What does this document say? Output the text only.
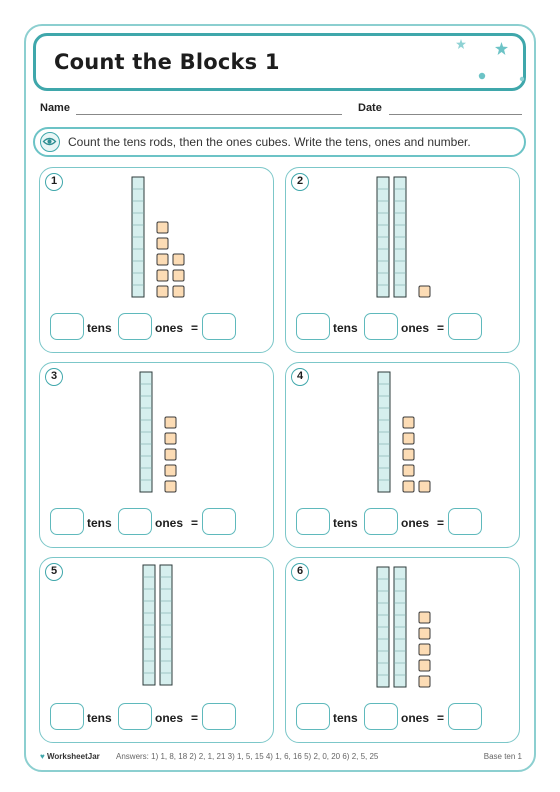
Count the Blocks 1
Name	Date
Count the tens rods, then the ones cubes. Write the tens, ones and number.
1
tens	ones =
2
tens	ones =
3
tens	ones =
4
tens	ones =
5
tens	ones =
6
tens	ones =
♥ WorksheetJar Answers: 1) 1, 8, 18 2) 2, 1, 21 3) 1, 5, 15 4) 1, 6, 16 5) 2, 0, 20 6) 2, 5, 25	Base ten 1
